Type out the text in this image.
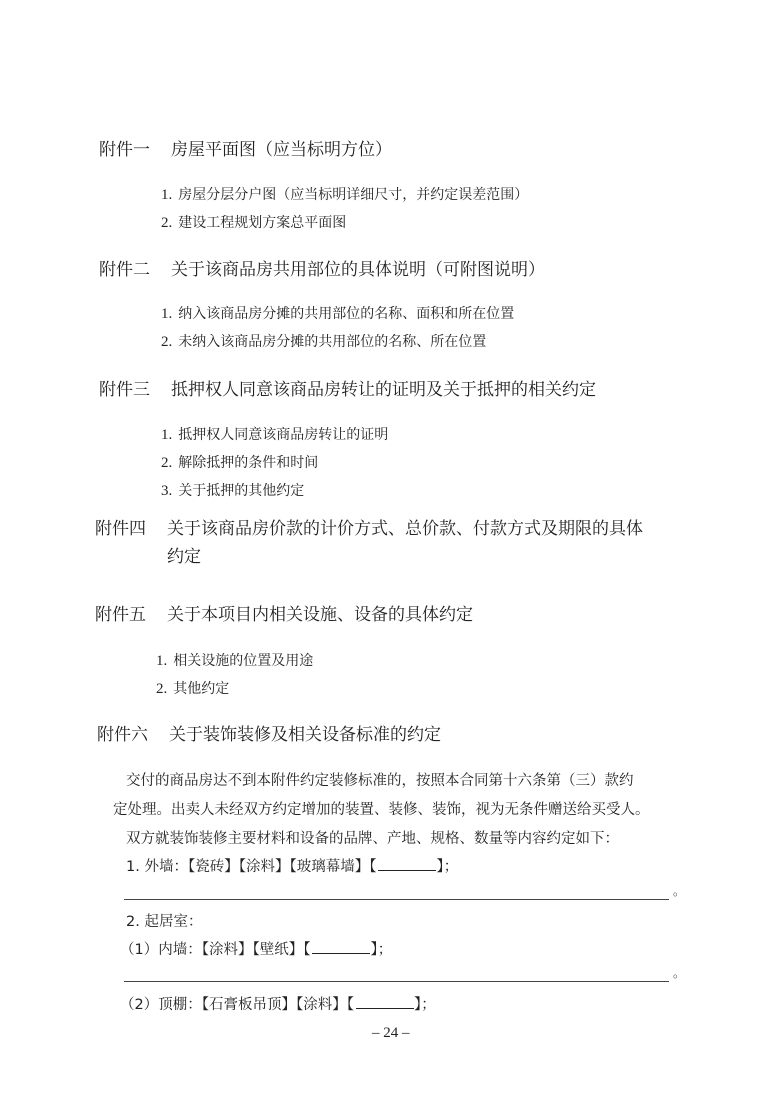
附件一 房屋平面图（应当标明方位）
1. 房屋分层分户图（应当标明详细尺寸，并约定误差范围）
2. 建设工程规划方案总平面图
附件二 关于该商品房共用部位的具体说明（可附图说明）
1. 纳入该商品房分摊的共用部位的名称、面积和所在位置
2. 未纳入该商品房分摊的共用部位的名称、所在位置
附件三 抵押权人同意该商品房转让的证明及关于抵押的相关约定
1. 抵押权人同意该商品房转让的证明
2. 解除抵押的条件和时间
3. 关于抵押的其他约定
附件四 关于该商品房价款的计价方式、总价款、付款方式及期限的具体
约定
附件五 关于本项目内相关设施、设备的具体约定
1. 相关设施的位置及用途
2. 其他约定
附件六 关于装饰装修及相关设备标准的约定
交付的商品房达不到本附件约定装修标准的，按照本合同第十六条第（三）款约
定处理。出卖人未经双方约定增加的装置、装修、装饰，视为无条件赠送给买受人。
双方就装饰装修主要材料和设备的品牌、产地、规格、数量等内容约定如下：
1. 外墙：【瓷砖】【涂料】【玻璃幕墙】【	】；
。
2. 起居室：
（1）内墙：【涂料】【壁纸】【	】；
。
（2）顶棚：【石膏板吊顶】【涂料】【	】；
– 24 –
